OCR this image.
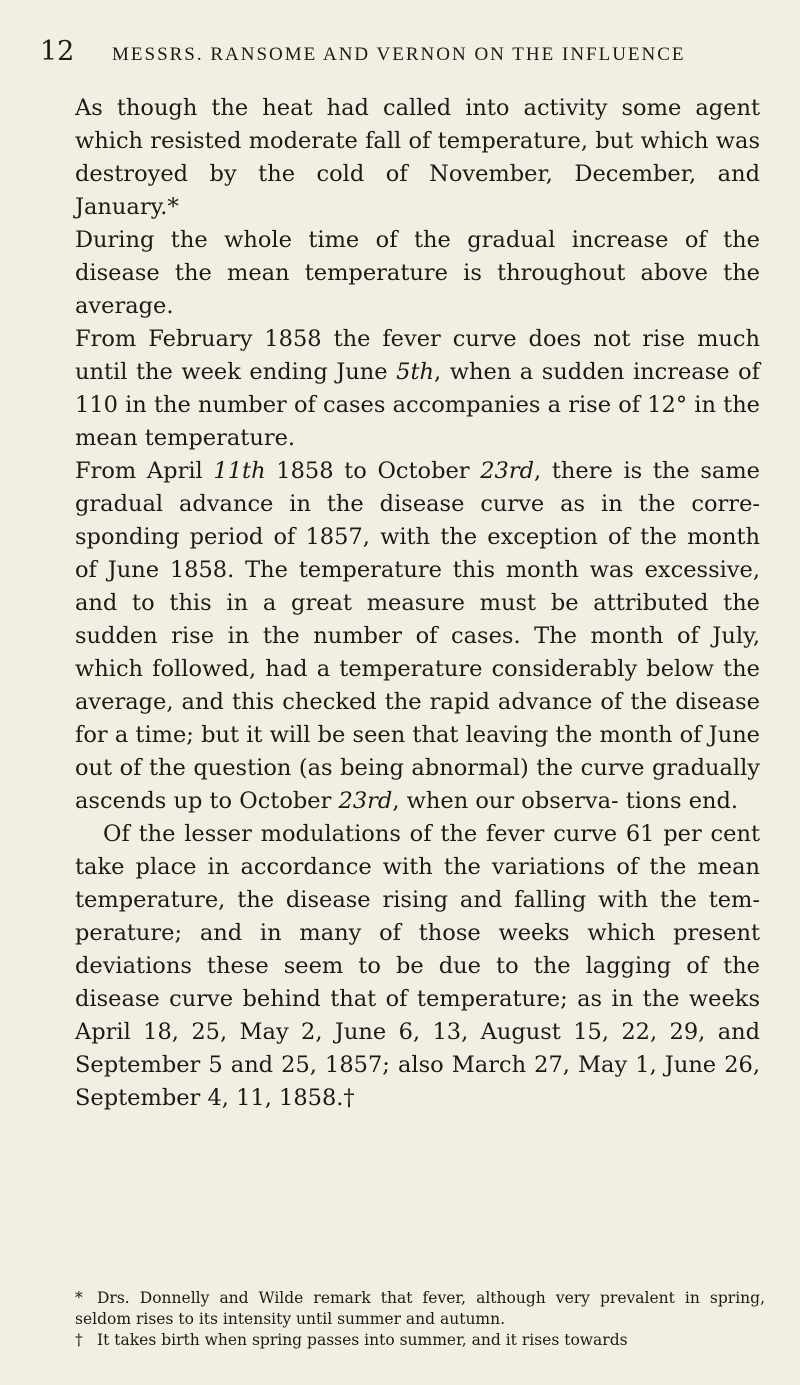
12	MESSRS. RANSOME AND VERNON ON THE INFLUENCE

As though the heat had called into activity some agent which resisted moderate fall of temperature, but which was destroyed by the cold of November, December, and January.*

During the whole time of the gradual increase of the disease the mean temperature is throughout above the average.

From February 1858 the fever curve does not rise much until the week ending June 5th, when a sudden increase of 110 in the number of cases accompanies a rise of 12° in the mean temperature.

From April 11th 1858 to October 23rd, there is the same gradual advance in the disease curve as in the corre- sponding period of 1857, with the exception of the month of June 1858. The temperature this month was excessive, and to this in a great measure must be attributed the sudden rise in the number of cases. The month of July, which followed, had a temperature considerably below the average, and this checked the rapid advance of the disease for a time; but it will be seen that leaving the month of June out of the question (as being abnormal) the curve gradually ascends up to October 23rd, when our observa- tions end.

Of the lesser modulations of the fever curve 61 per cent take place in accordance with the variations of the mean temperature, the disease rising and falling with the tem- perature; and in many of those weeks which present deviations these seem to be due to the lagging of the disease curve behind that of temperature; as in the weeks April 18, 25, May 2, June 6, 13, August 15, 22, 29, and September 5 and 25, 1857; also March 27, May 1, June 26, September 4, 11, 1858.†

* Drs. Donnelly and Wilde remark that fever, although very prevalent in spring, seldom rises to its intensity until summer and autumn.

† It takes birth when spring passes into summer, and it rises towards
